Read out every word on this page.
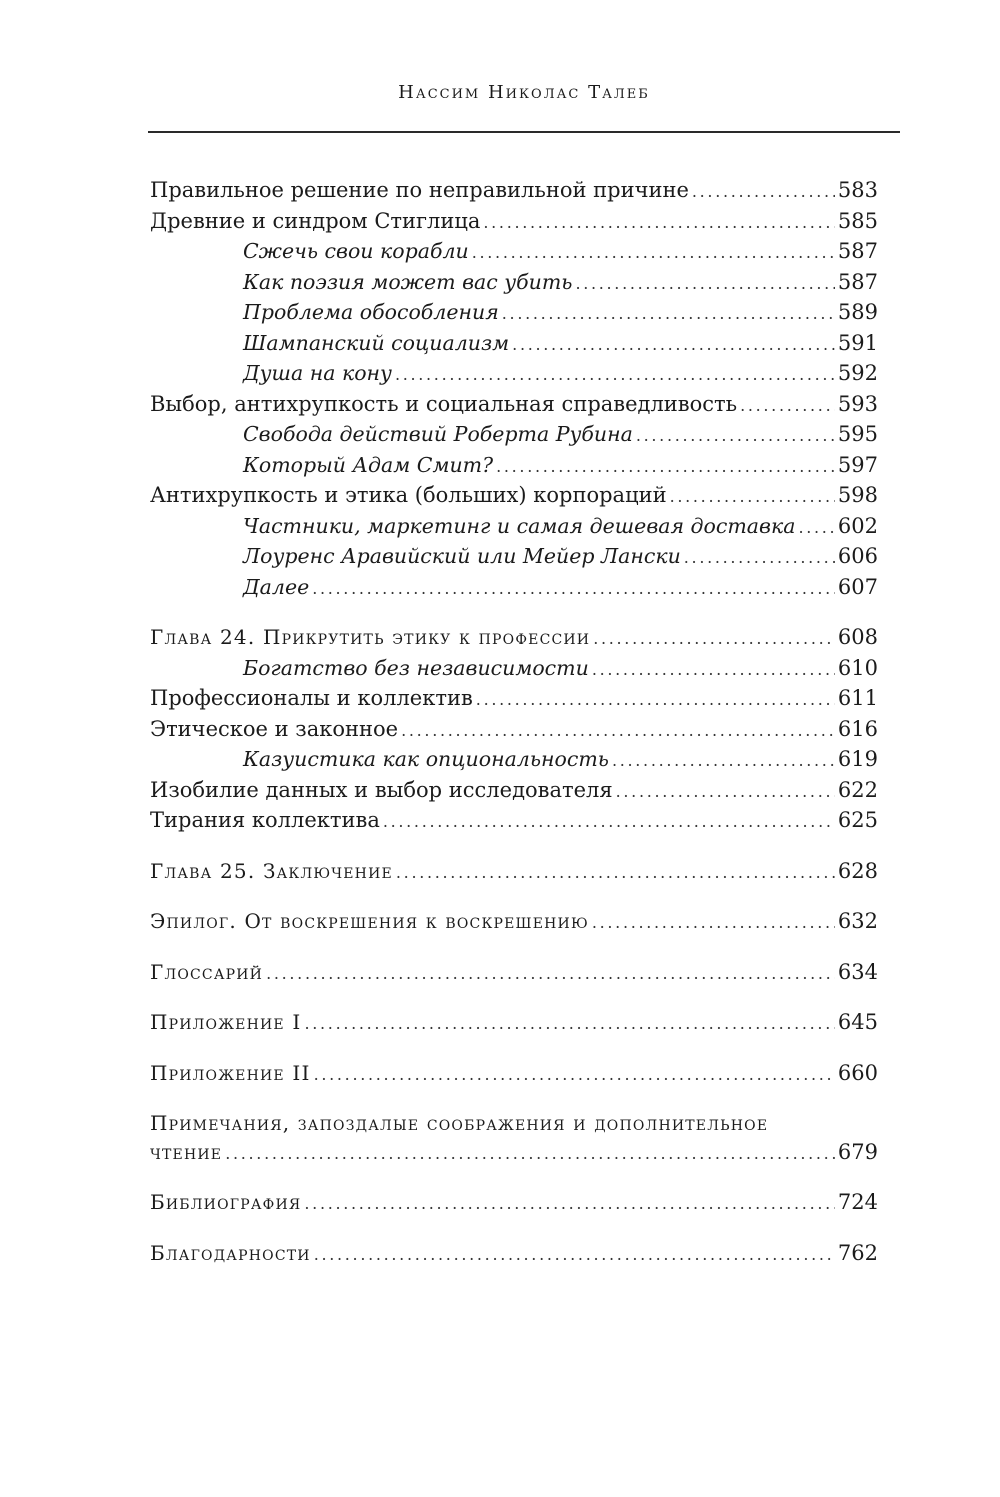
Нассим Николас Талеб
Правильное решение по неправильной причине . . .	583
Древние и синдром Стиглица . . .	585
Сжечь свои корабли . . .	587
Как поэзия может вас убить . . .	587
Проблема обособления . . .	589
Шампанский социализм . . .	591
Душа на кону . . .	592
Выбор, антихрупкость и социальная справедливость . . .	593
Свобода действий Роберта Рубина . . .	595
Который Адам Смит? . . .	597
Антихрупкость и этика (больших) корпораций . . .	598
Частники, маркетинг и самая дешевая доставка . . . 602
Лоуренс Аравийский или Мейер Лански . . .	606
Далее . . .	607
Глава 24. Прикрутить этику к профессии . . .	608
Богатство без независимости . . .	610
Профессионалы и коллектив . . .	611
Этическое и законное . . .	616
Казуистика как опциональность . . .	619
Изобилие данных и выбор исследователя . . .	622
Тирания коллектива . . .	625
Глава 25. Заключение . . .	628
Эпилог. От воскрешения к воскрешению . . .	632
Глоссарий . . .	634
Приложение I . . .	645
Приложение II . . .	660
Примечания, запоздалые соображения и дополнительное
чтение . . .	679
Библиография . . .	724
Благодарности . . .	762
